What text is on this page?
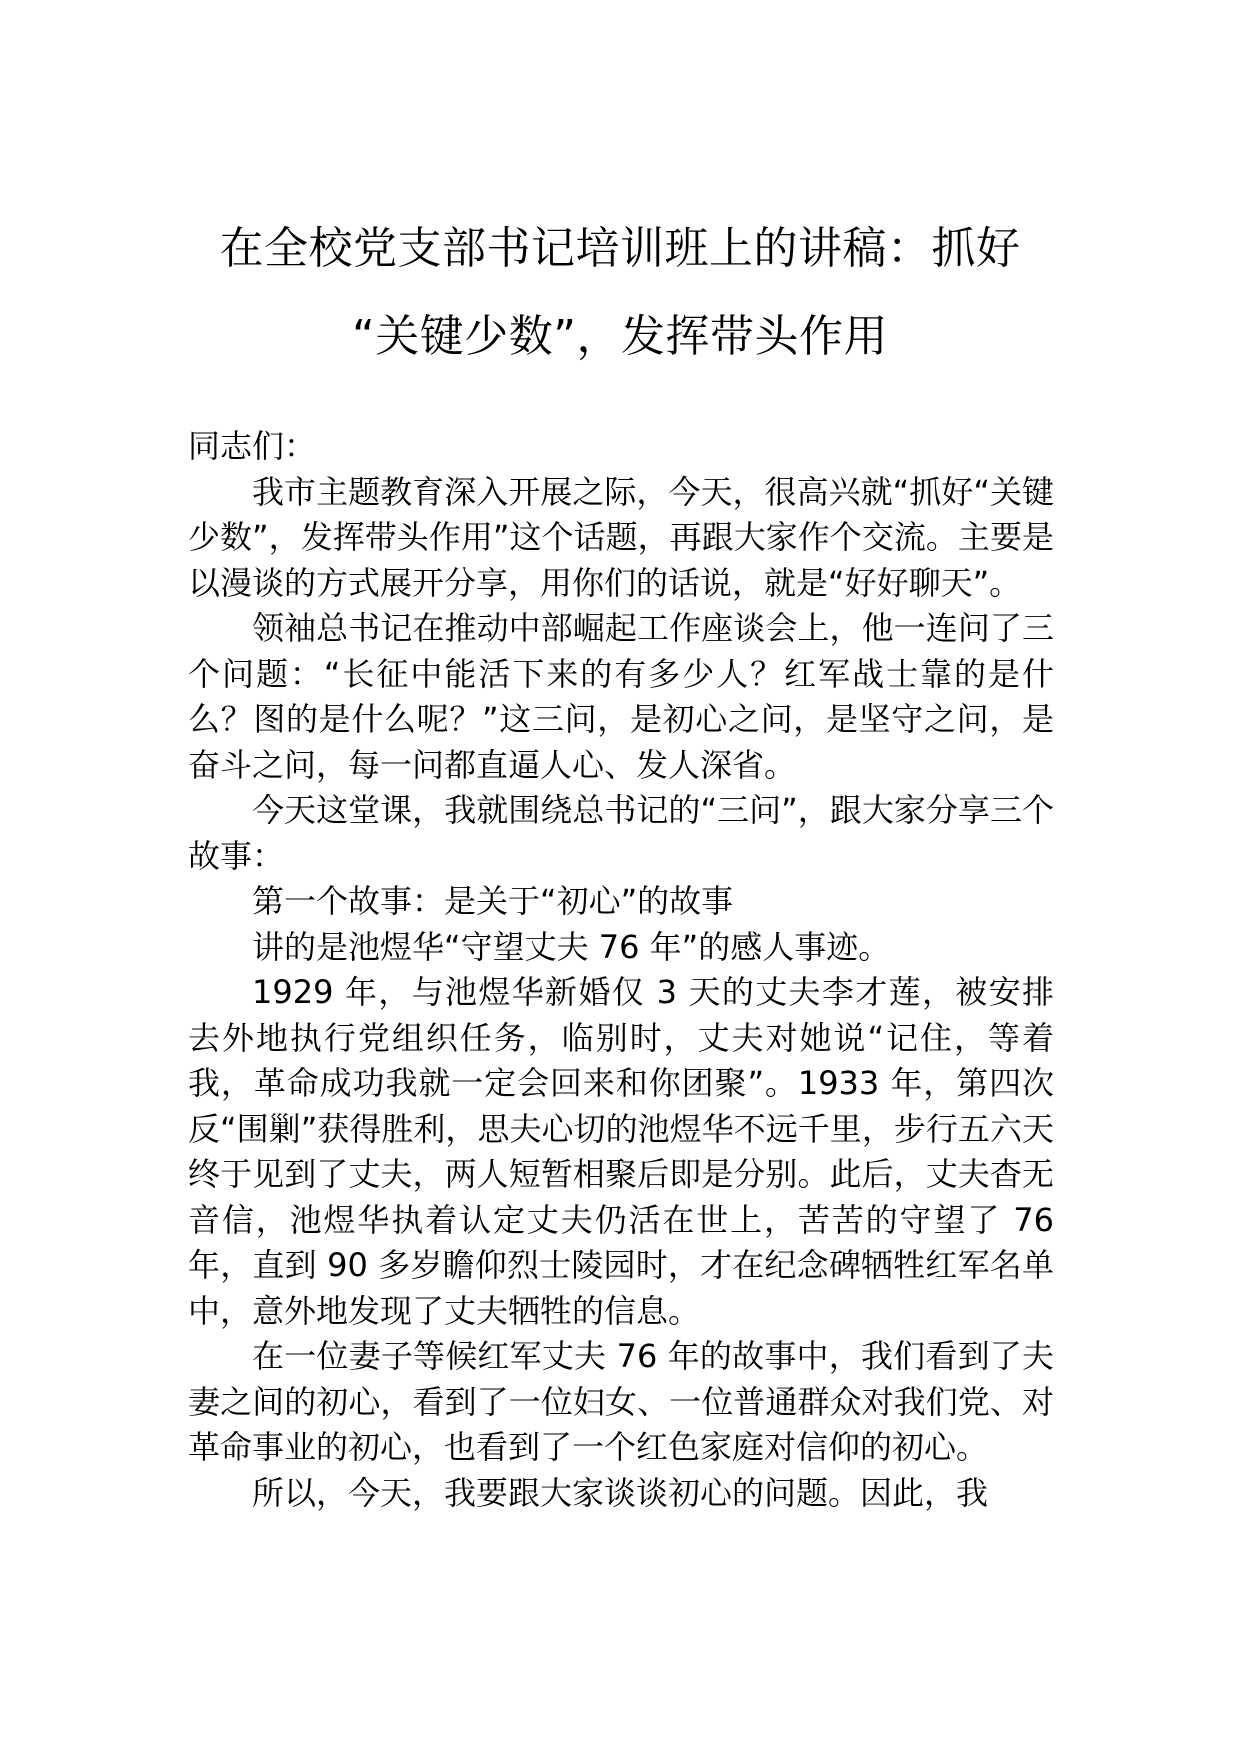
在全校党支部书记培训班上的讲稿：抓好
“关键少数”，发挥带头作用

同志们：

我市主题教育深入开展之际，今天，很高兴就“抓好“关键少数”，发挥带头作用”这个话题，再跟大家作个交流。主要是以漫谈的方式展开分享，用你们的话说，就是“好好聊天”。

领袖总书记在推动中部崛起工作座谈会上，他一连问了三个问题：“长征中能活下来的有多少人？红军战士靠的是什么？图的是什么呢？”这三问，是初心之问，是坚守之问，是奋斗之问，每一问都直逼人心、发人深省。

今天这堂课，我就围绕总书记的“三问”，跟大家分享三个故事：

第一个故事：是关于“初心”的故事

讲的是池煜华“守望丈夫 76 年”的感人事迹。

1929 年，与池煜华新婚仅 3 天的丈夫李才莲，被安排去外地执行党组织任务，临别时，丈夫对她说“记住，等着我，革命成功我就一定会回来和你团聚”。1933 年，第四次反“围剿”获得胜利，思夫心切的池煜华不远千里，步行五六天终于见到了丈夫，两人短暂相聚后即是分别。此后，丈夫杳无音信，池煜华执着认定丈夫仍活在世上，苦苦的守望了 76 年，直到 90 多岁瞻仰烈士陵园时，才在纪念碑牺牲红军名单中，意外地发现了丈夫牺牲的信息。

在一位妻子等候红军丈夫 76 年的故事中，我们看到了夫妻之间的初心，看到了一位妇女、一位普通群众对我们党、对革命事业的初心，也看到了一个红色家庭对信仰的初心。

所以，今天，我要跟大家谈谈初心的问题。因此，我
